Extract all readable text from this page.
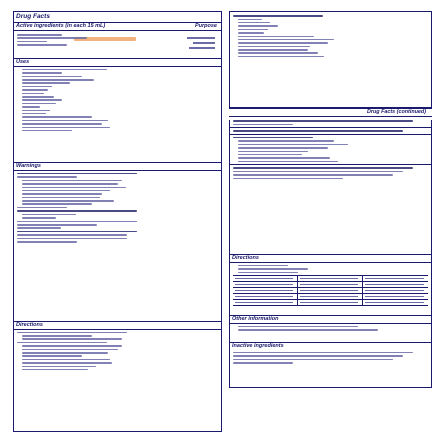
Drug Facts
Active ingredients (in each 15 mL)	Purpose
Uses
Warnings
Directions
Drug Facts (continued)
Directions
Other information
Inactive ingredients
